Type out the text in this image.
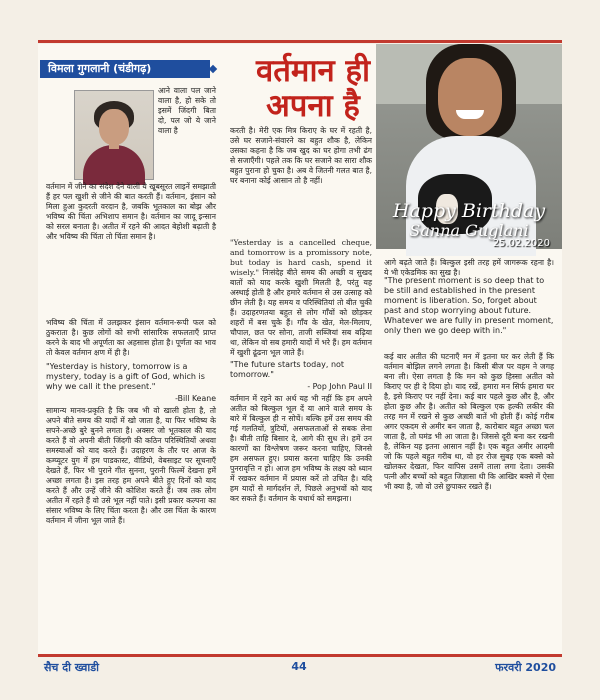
विमला गुगलानी (चंडीगढ़)	वर्तमान ही
अपना है

Happy Birthday

Sanna Guglani

25.02.2020

आने वाला पल जाने वाला है, हो सके तो इसमें जिंदगी बिता दो, पल जो ये जाने वाला है

वर्तमान में जीने का संदेश देने वाली ये खूबसूरत लाइनें समझाती हैं हर पल खुशी से जीने की बात करती हैं। वर्तमान, इंसान को मिला हुआ कुदरती वरदान है, जबकि भूतकाल का बोझ और भविष्य की चिंता अभिशाप समान है। वर्तमान का जादू इन्सान को सरल बनाता है। अतीत में रहने की आदत बेहोशी बढ़ाती है और भविष्य की चिंता तो चिंता समान है।

करती है। मेरी एक मित्र किराए के घर में रहती है, उसे घर सजाने-संवारने का बहुत शौक है, लेकिन उसका कहना है कि जब खुद का घर होगा तभी ढंग से सजाएँगी। पहले तक कि घर सजाने का सारा शौक बहुत पुराना हो चुका है। अब वे जितनी गलत बात है, घर बनाना कोई आसान तो है नहीं।

भविष्य की चिंता में उलझकर इंसान वर्तमान-रूपी फल को ठुकराता है। कुछ लोगों को सभी सांसारिक सफलताएँ प्राप्त करने के बाद भी अपूर्णता का अहसास होता है। पूर्णता का भाव तो केवल वर्तमान क्षण में ही है।

"Yesterday is history, tomorrow is a mystery, today is a gift of God, which is why we call it the present."

-Bill Keane

सामान्य मानव-प्रकृति है कि जब भी वो खाली होता है, तो अपने बीते समय की यादों में खो जाता है, या फिर भविष्य के सपने-अच्छे बुरे बुनने लगता है। अक्सर जो भूतकाल की याद करते हैं वो अपनी बीती जिंदगी की कठिन परिस्थितियों अथवा समस्याओं को याद करते हैं। उदाहरण के तौर पर आज के कम्प्यूटर युग में हम पाडकास्ट, वीडियो, वेबसाइट पर सूचनाएँ देखते हैं, फिर भी पुराने गीत सुनना, पुरानी फिल्में देखना हमें अच्छा लगता है। इस तरह हम अपने बीते हुए दिनों को याद करते हैं और उन्हें जीने की कोशिश करते हैं। जब तक लोग अतीत में रहते हैं वो उसे भूल नहीं पाते। इसी प्रकार कल्पना का संसार भविष्य के लिए चिंता करता है। और उस चिंता के कारण वर्तमान में जीना भूल जाते हैं।

"Yesterday is a cancelled cheque, and tomorrow is a promissory note, but today is hard cash, spend it wisely." निःसंदेह बीते समय की अच्छी व सुखद बातों को याद करके खुशी मिलती है, परंतु यह अस्थाई होती है और हमारे वर्तमान से उस उत्साह को छीन लेती है। यह समय व परिस्थितियां तो बीत चुकी हैं। उदाहरणतया बहुत से लोग गाँवों को छोड़कर शहरों में बस चुके हैं। गाँव के खेत, मेल-मिलाप, चौपाल, छत पर सोना, ताजी सब्जियां सब बढ़िया था, लेकिन वो सब हमारी यादों में भरे हैं। हम वर्तमान में खुशी ढूंढना भूल जाते हैं।

"The future starts today, not tomorrow."

- Pop John Paul II

वर्तमान में रहने का अर्थ यह भी नहीं कि हम अपने अतीत को बिल्कुल भूल दें या आने वाले समय के बारे में बिल्कुल ही न सोचें। बल्कि हमें उस समय की गई गलतियों, त्रुटियों, असफलताओं से सबक लेना है। बीती ताहि बिसार दे, आगे की सुध ले। हमें उन कारणों का विश्लेषण जरूर करना चाहिए, जिनसे हम असफल हुए। प्रयास करना चाहिए कि उनकी पुनरावृत्ति न हो। आज हम भविष्य के लक्ष्य को ध्यान में रखकर वर्तमान में प्रयास करें तो उचित है। यदि हम यादों से मार्गदर्शन लें, पिछले अनुभवों को याद कर सकते हैं। वर्तमान के यथार्थ को समझना।

आगे बढ़ते जाते हैं। बिल्कुल इसी तरह हमें जागरूक रहना है। ये भी एकेडमिक का सुख है।

"The present moment is so deep that to be still and established in the present moment is liberation. So, forget about past and stop worrying about future. Whatever we are fully in present moment, only then we go deep with in."

कई बार अतीत की घटनाएँ मन में इतना घर कर लेती हैं कि वर्तमान बोझिल लगने लगता है। किसी बीज पर वहम ने जगह बना ली। ऐसा लगता है कि मन को कुछ हिस्सा अतीत को किराए पर ही दे दिया हो। याद रखें, हमारा मन सिर्फ हमारा घर है, इसे किराए पर नहीं देना। कई बार पहले कुछ और है, और होता कुछ और है। अतीत को बिल्कुल एक हल्की लकीर की तरह मन में रखने से कुछ अच्छी बातें भी होती हैं। कोई गरीब अगर एकदम से अमीर बन जाता है, कारोबार बहुत अच्छा चल जाता है, तो घमंड भी आ जाता है। जिससे दूरी बना कर रखनी है, लेकिन यह इतना आसान नहीं है। एक बहुत अमीर आदमी जो कि पहले बहुत गरीब था, वो हर रोज सुबह एक बक्से को खोलकर देखता, फिर वापिस उसमें ताला लगा देता। उसकी पत्नी और बच्चों को बहुत जिज्ञासा थी कि आखिर बक्से में ऐसा भी क्या है, जो वो उसे छुपाकर रखते हैं।

सैच दी ख्वाडी	44	फरवरी 2020
